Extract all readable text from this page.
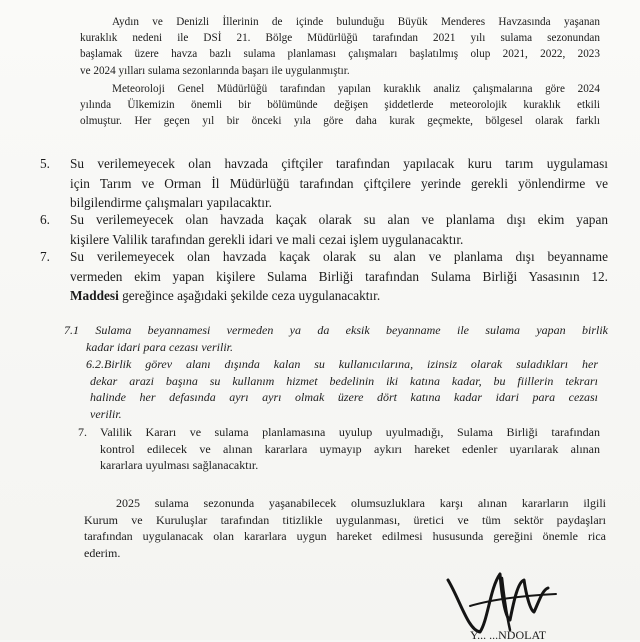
Aydın ve Denizli İllerinin de içinde bulunduğu Büyük Menderes Havzasında yaşanan
kuraklık nedeni ile DSİ 21. Bölge Müdürlüğü tarafından 2021 yılı sulama sezonundan
başlamak üzere havza bazlı sulama planlaması çalışmaları başlatılmış olup 2021, 2022, 2023
ve 2024 yılları sulama sezonlarında başarı ile uygulanmıştır.
Meteoroloji Genel Müdürlüğü tarafından yapılan kuraklık analiz çalışmalarına göre 2024
yılında Ülkemizin önemli bir bölümünde değişen şiddetlerde meteorolojik kuraklık etkili
olmuştur. Her geçen yıl bir önceki yıla göre daha kurak geçmekte, bölgesel olarak farklı
5.	Su verilemeyecek olan havzada çiftçiler tarafından yapılacak kuru tarım uygulaması
için Tarım ve Orman İl Müdürlüğü tarafından çiftçilere yerinde gerekli yönlendirme ve
bilgilendirme çalışmaları yapılacaktır.
6.	Su verilemeyecek olan havzada kaçak olarak su alan ve planlama dışı ekim yapan
kişilere Valilik tarafından gerekli idari ve mali cezai işlem uygulanacaktır.
7.	Su verilemeyecek olan havzada kaçak olarak su alan ve planlama dışı beyanname
vermeden ekim yapan kişilere Sulama Birliği tarafından Sulama Birliği Yasasının 12.
Maddesi gereğince aşağıdaki şekilde ceza uygulanacaktır.
7.1 Sulama beyannamesi vermeden ya da eksik beyanname ile sulama yapan birlik
kadar idari para cezası verilir.
6.2.Birlik görev alanı dışında kalan su kullanıcılarına, izinsiz olarak suladıkları her
dekar arazi başına su kullanım hizmet bedelinin iki katına kadar, bu fiillerin tekrarı
halinde her defasında ayrı ayrı olmak üzere dört katına kadar idari para cezası
verilir.
7. Valilik Kararı ve sulama planlamasına uyulup uyulmadığı, Sulama Birliği tarafından
kontrol edilecek ve alınan kararlara uymayıp aykırı hareket edenler uyarılarak alınan
kararlara uyulması sağlanacaktır.
2025 sulama sezonunda yaşanabilecek olumsuzluklara karşı alınan kararların ilgili
Kurum ve Kuruluşlar tarafından titizlikle uygulanması, üretici ve tüm sektör paydaşları
tarafından uygulanacak olan kararlara uygun hareket edilmesi hususunda gereğini önemle rica
ederim.
Y... ...NDOLAT
